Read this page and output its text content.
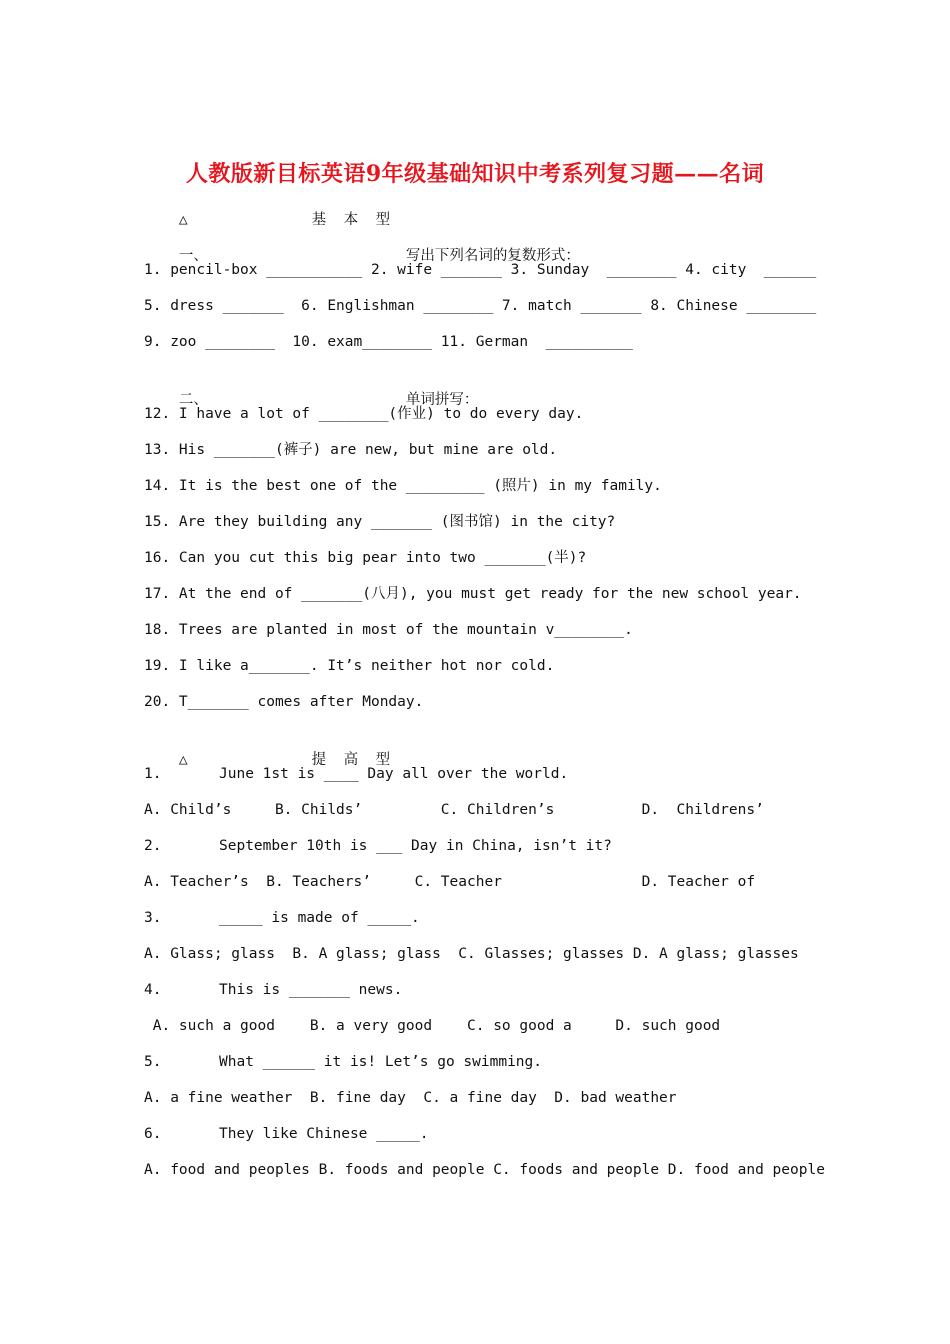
人教版新目标英语9年级基础知识中考系列复习题——名词

△	基  本  型

一、	写出下列名词的复数形式：

1. pencil-box ___________ 2. wife _______ 3. Sunday  ________ 4. city  ______
5. dress _______  6. Englishman ________ 7. match _______ 8. Chinese ________
9. zoo ________  10. exam________ 11. German  __________

二、	单词拼写：

12. I have a lot of ________(作业) to do every day.
13. His _______(裤子) are new, but mine are old.
14. It is the best one of the _________ (照片) in my family.
15. Are they building any _______ (图书馆) in the city?
16. Can you cut this big pear into two _______(半)?
17. At the end of _______(八月), you must get ready for the new school year.
18. Trees are planted in most of the mountain v________.
19. I like a_______. It’s neither hot nor cold.
20. T_______ comes after Monday.

△	提  高  型

1.	June 1st is ____ Day all over the world.
A. Child’s     B. Childs’         C. Children’s          D.  Childrens’
2.	September 10th is ___ Day in China, isn’t it?
A. Teacher’s  B. Teachers’     C. Teacher                D. Teacher of
3.	_____ is made of _____.
A. Glass; glass  B. A glass; glass  C. Glasses; glasses D. A glass; glasses
4.	This is _______ news.
A. such a good    B. a very good    C. so good a     D. such good
5.	What ______ it is! Let’s go swimming.
A. a fine weather  B. fine day  C. a fine day  D. bad weather
6.	They like Chinese _____.
A. food and peoples B. foods and people C. foods and people D. food and people
